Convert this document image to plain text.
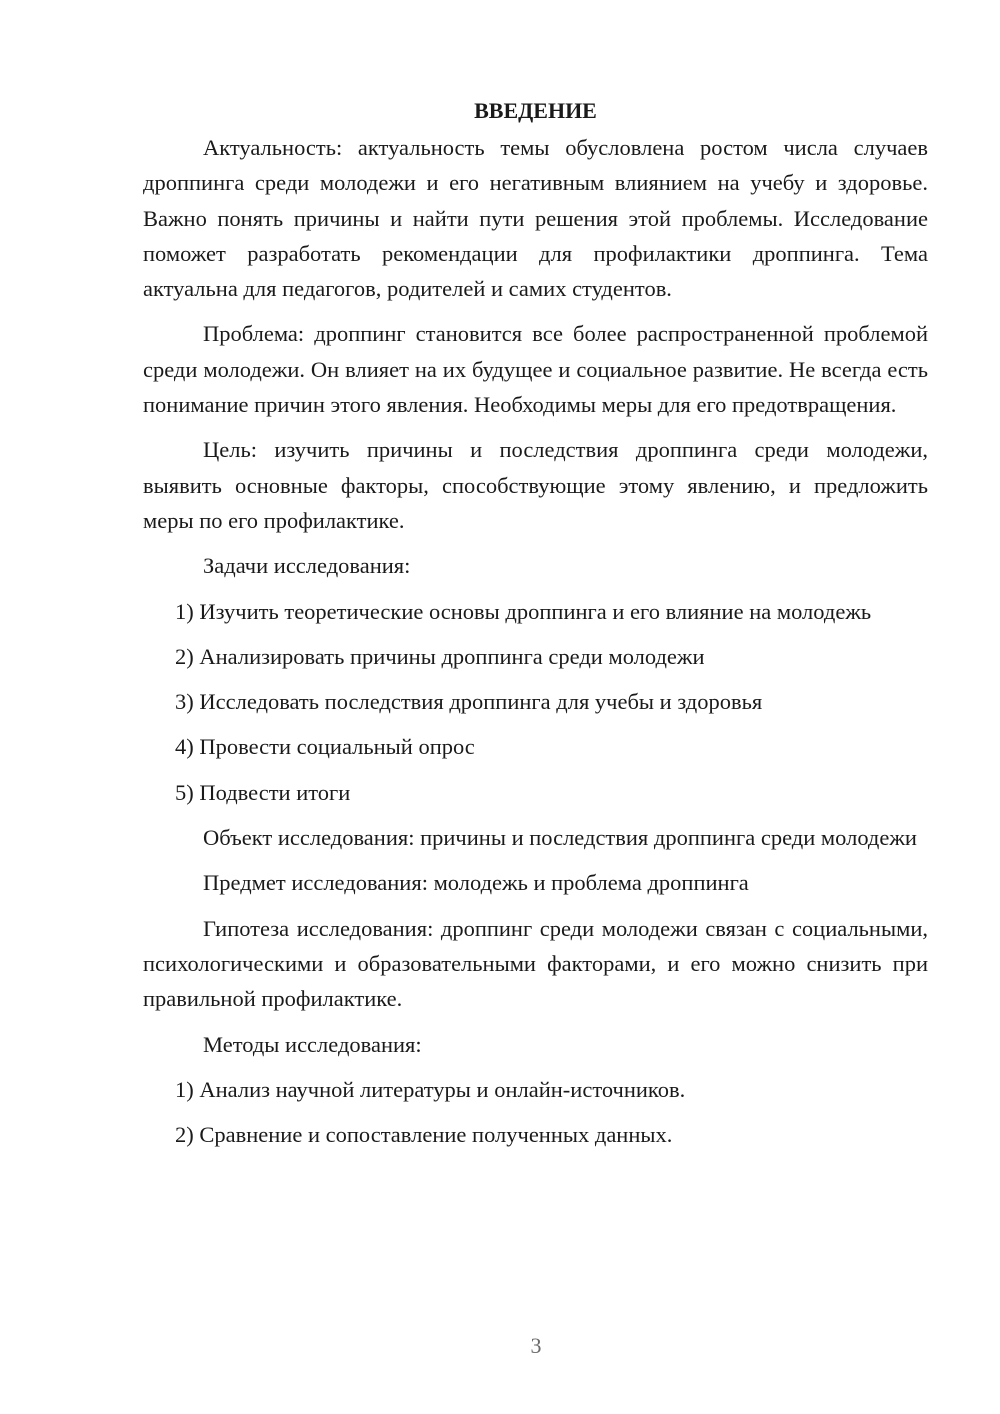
ВВЕДЕНИЕ

Актуальность: актуальность темы обусловлена ростом числа случаев дроппинга среди молодежи и его негативным влиянием на учебу и здоровье. Важно понять причины и найти пути решения этой проблемы. Исследование поможет разработать рекомендации для профилактики дроппинга. Тема актуальна для педагогов, родителей и самих студентов.

Проблема: дроппинг становится все более распространенной проблемой среди молодежи. Он влияет на их будущее и социальное развитие. Не всегда есть понимание причин этого явления. Необходимы меры для его предотвращения.

Цель: изучить причины и последствия дроппинга среди молодежи, выявить основные факторы, способствующие этому явлению, и предложить меры по его профилактике.

Задачи исследования:

1) Изучить теоретические основы дроппинга и его влияние на молодежь

2) Анализировать причины дроппинга среди молодежи

3) Исследовать последствия дроппинга для учебы и здоровья

4) Провести социальный опрос

5) Подвести итоги

Объект исследования: причины и последствия дроппинга среди молодежи

Предмет исследования: молодежь и проблема дроппинга

Гипотеза исследования: дроппинг среди молодежи связан с социальными, психологическими и образовательными факторами, и его можно снизить при правильной профилактике.

Методы исследования:

1) Анализ научной литературы и онлайн-источников.

2) Сравнение и сопоставление полученных данных.

3
